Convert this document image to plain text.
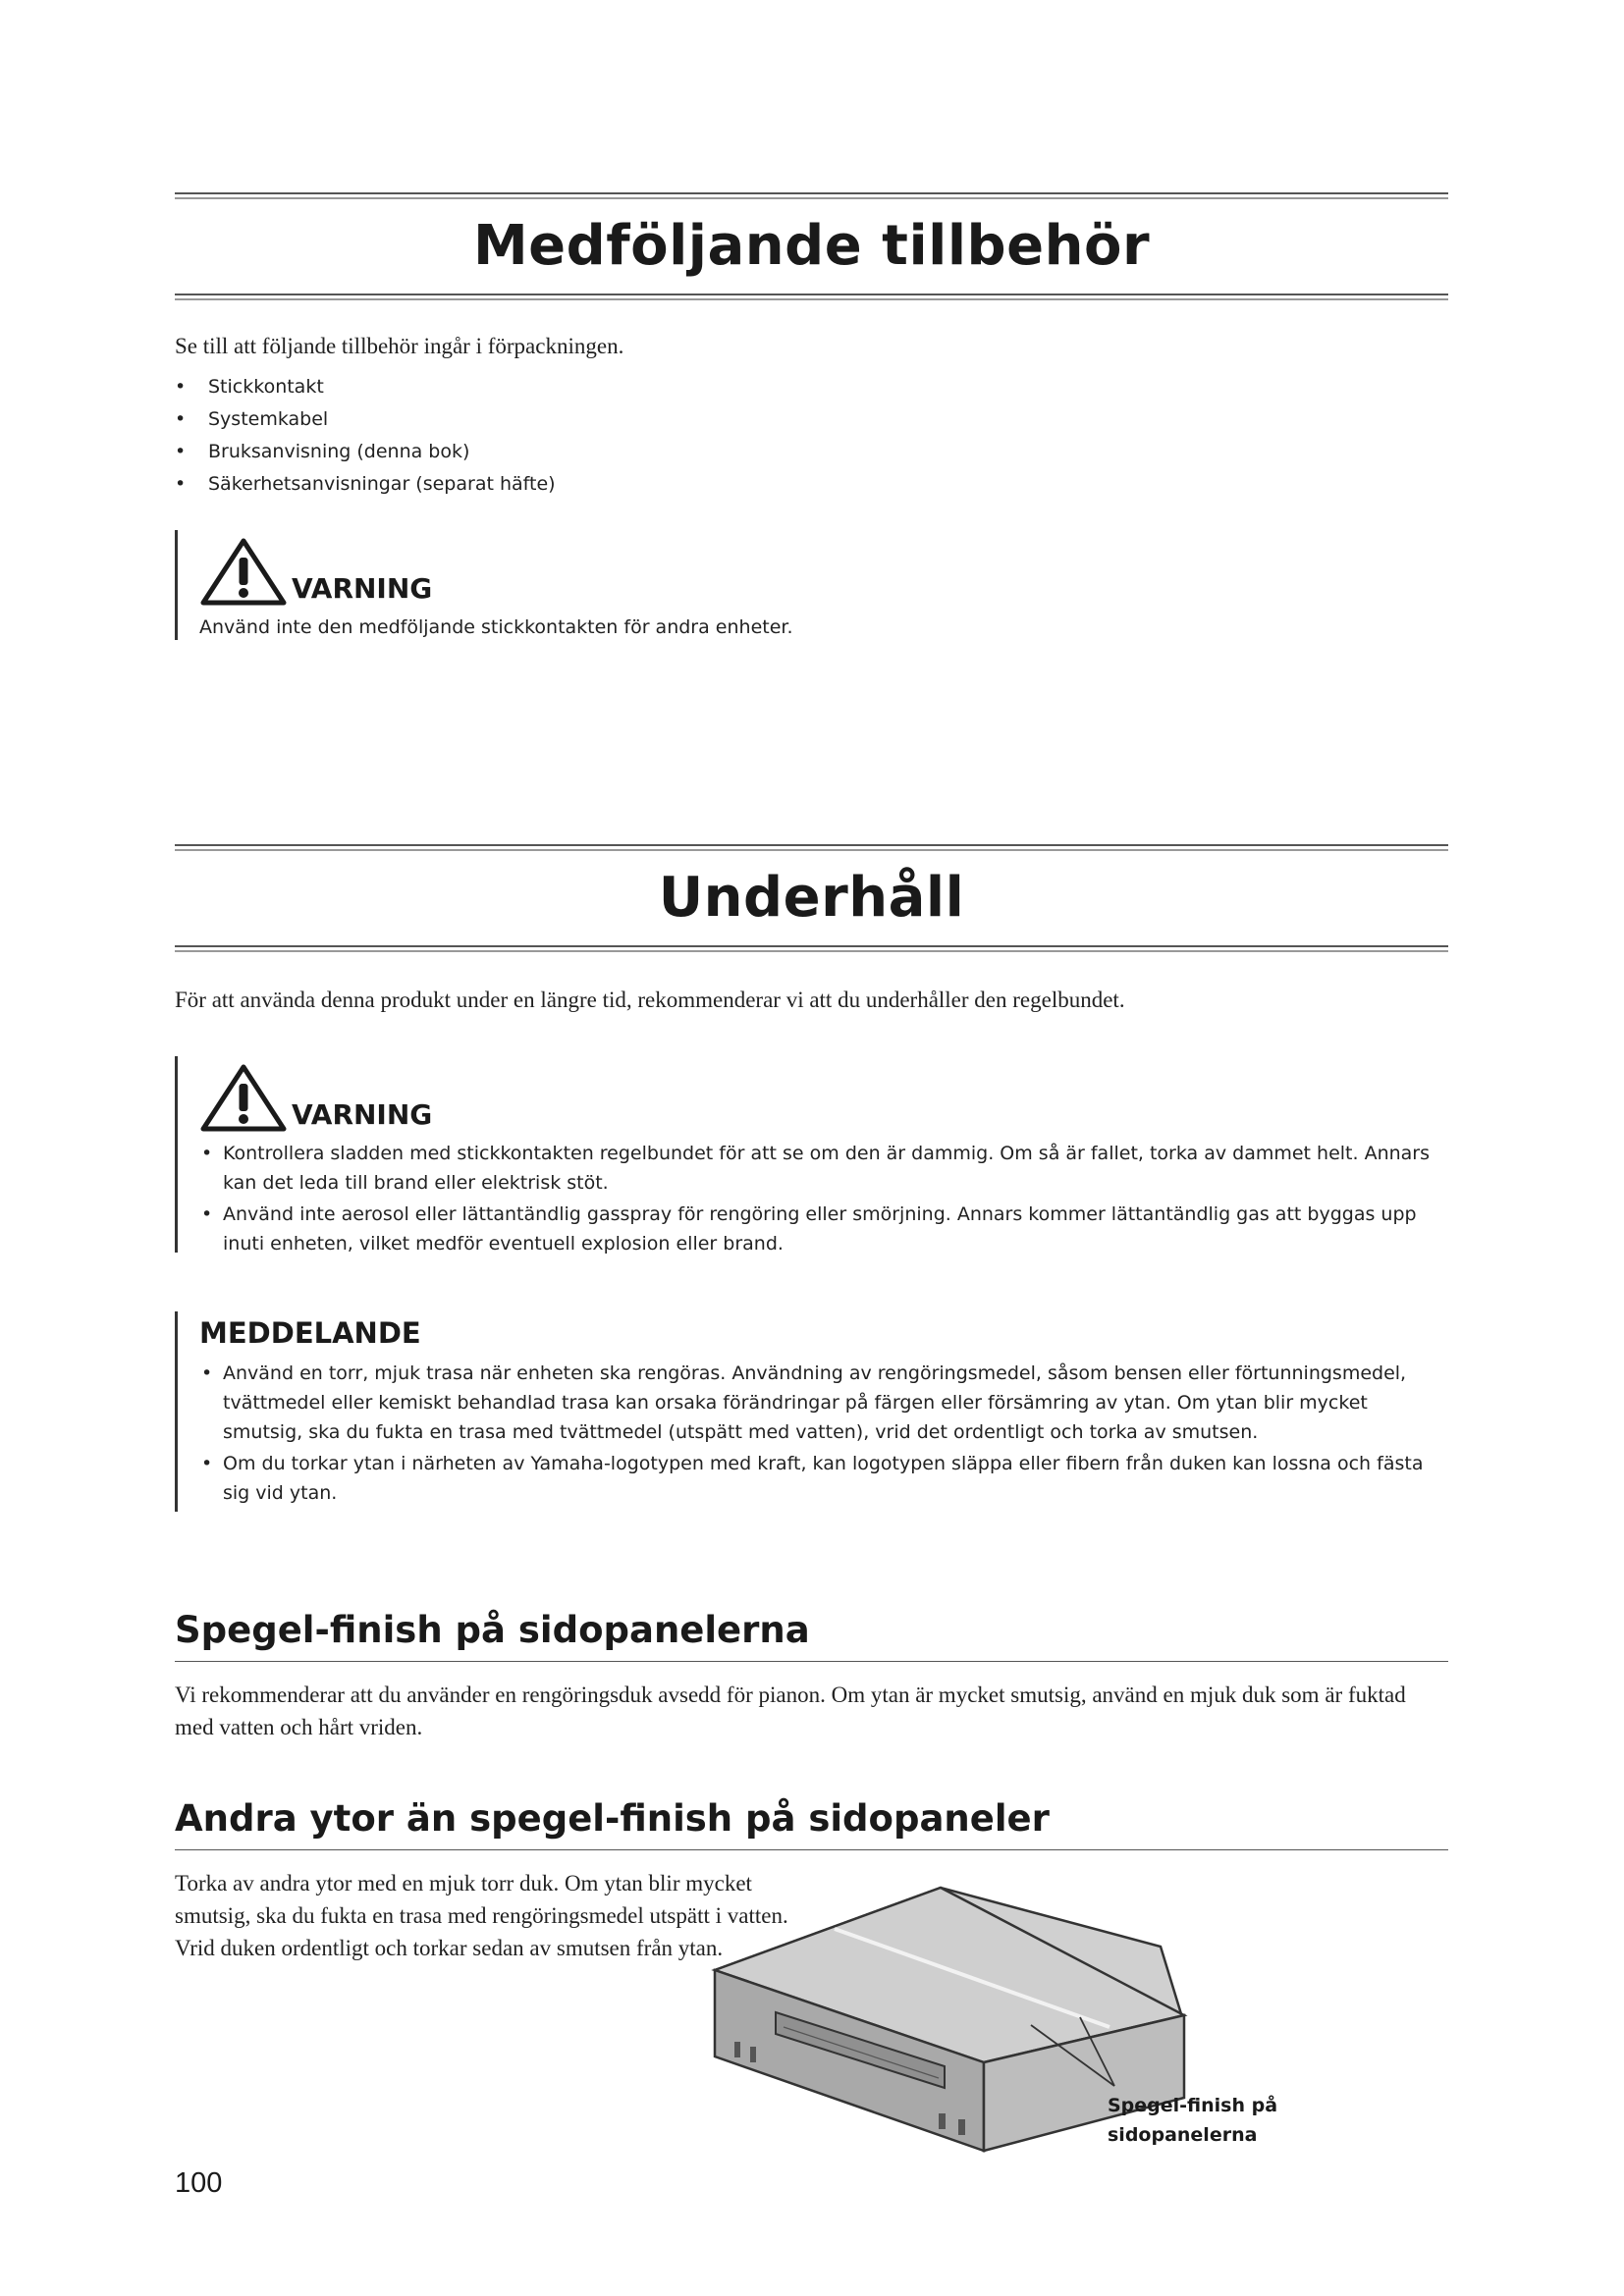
Medföljande tillbehör
Se till att följande tillbehör ingår i förpackningen.
• Stickkontakt
• Systemkabel
• Bruksanvisning (denna bok)
• Säkerhetsanvisningar (separat häfte)
VARNING
Använd inte den medföljande stickkontakten för andra enheter.
Underhåll
För att använda denna produkt under en längre tid, rekommenderar vi att du underhåller den regelbundet.
VARNING
• Kontrollera sladden med stickkontakten regelbundet för att se om den är dammig. Om så är fallet, torka av dammet helt. Annars kan det leda till brand eller elektrisk stöt.
• Använd inte aerosol eller lättantändlig gasspray för rengöring eller smörjning. Annars kommer lättantändlig gas att byggas upp inuti enheten, vilket medför eventuell explosion eller brand.
MEDDELANDE
• Använd en torr, mjuk trasa när enheten ska rengöras. Användning av rengöringsmedel, såsom bensen eller förtunningsmedel, tvättmedel eller kemiskt behandlad trasa kan orsaka förändringar på färgen eller försämring av ytan. Om ytan blir mycket smutsig, ska du fukta en trasa med tvättmedel (utspätt med vatten), vrid det ordentligt och torka av smutsen.
• Om du torkar ytan i närheten av Yamaha-logotypen med kraft, kan logotypen släppa eller fibern från duken kan lossna och fästa sig vid ytan.
Spegel-finish på sidopanelerna
Vi rekommenderar att du använder en rengöringsduk avsedd för pianon. Om ytan är mycket smutsig, använd en mjuk duk som är fuktad med vatten och hårt vriden.
Andra ytor än spegel-finish på sidopaneler
Torka av andra ytor med en mjuk torr duk. Om ytan blir mycket smutsig, ska du fukta en trasa med rengöringsmedel utspätt i vatten. Vrid duken ordentligt och torkar sedan av smutsen från ytan.
100
Spegel-finish på sidopanelerna
